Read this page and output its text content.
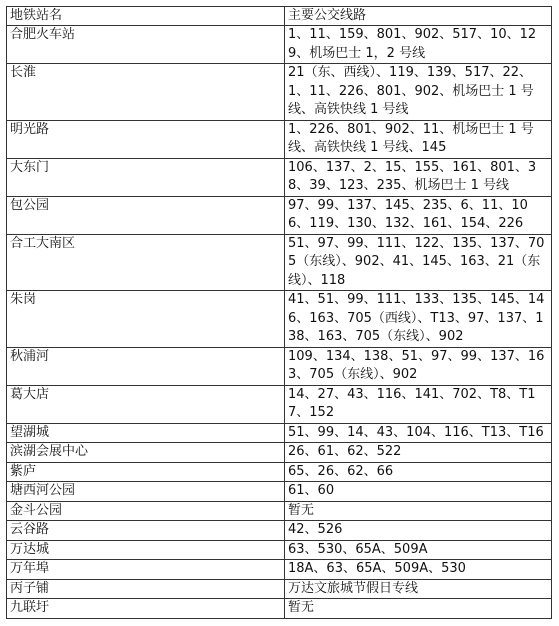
地铁站名	主要公交线路
合肥火车站	1、11、159、801、902、517、10、129、机场巴士 1，2 号线
长淮	21（东、西线）、119、139、517、22、1、11、226、801、902、机场巴士 1 号线、高铁快线 1 号线
明光路	1、226、801、902、11、机场巴士 1 号线、高铁快线 1 号线、145
大东门	106、137、2、15、155、161、801、38、39、123、235、机场巴士 1 号线
包公园	97、99、137、145、235、6、11、106、119、130、132、161、154、226
合工大南区	51、97、99、111、122、135、137、705（东线）、902、41、145、163、21（东线）、118
朱岗	41、51、99、111、133、135、145、146、163、705（西线）、T13、97、137、138、163、705（东线）、902
秋浦河	109、134、138、51、97、99、137、163、705（东线）、902
葛大店	14、27、43、116、141、702、T8、T17、152
望湖城	51、99、14、43、104、116、T13、T16
滨湖会展中心	26、61、62、522
紫庐	65、26、62、66
塘西河公园	61、60
金斗公园	暂无
云谷路	42、526
万达城	63、530、65A、509A
万年埠	18A、63、65A、509A、530
丙子铺	万达文旅城节假日专线
九联圩	暂无
